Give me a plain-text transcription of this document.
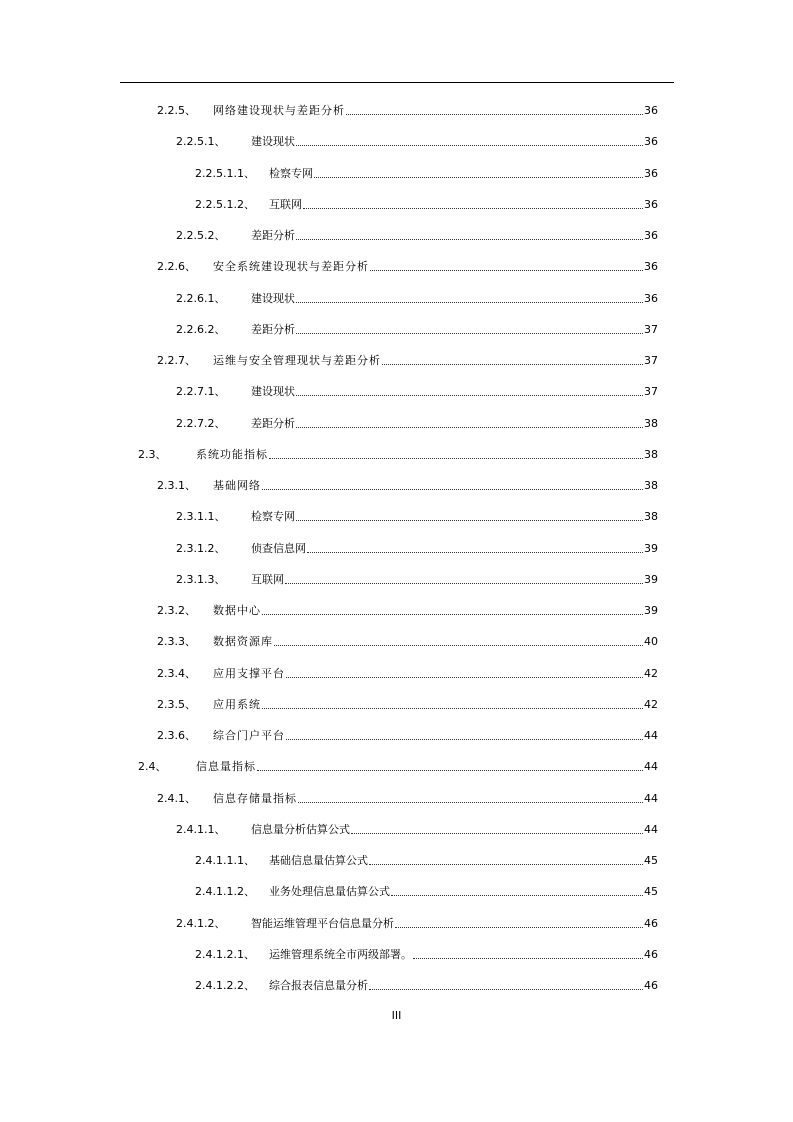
2.2.5、	网络建设现状与差距分析	36
2.2.5.1、	建设现状	36
2.2.5.1.1、	检察专网	36
2.2.5.1.2、	互联网	36
2.2.5.2、	差距分析	36
2.2.6、	安全系统建设现状与差距分析	36
2.2.6.1、	建设现状	36
2.2.6.2、	差距分析	37
2.2.7、	运维与安全管理现状与差距分析	37
2.2.7.1、	建设现状	37
2.2.7.2、	差距分析	38
2.3、	系统功能指标	38
2.3.1、	基础网络	38
2.3.1.1、	检察专网	38
2.3.1.2、	侦查信息网	39
2.3.1.3、	互联网	39
2.3.2、	数据中心	39
2.3.3、	数据资源库	40
2.3.4、	应用支撑平台	42
2.3.5、	应用系统	42
2.3.6、	综合门户平台	44
2.4、	信息量指标	44
2.4.1、	信息存储量指标	44
2.4.1.1、	信息量分析估算公式	44
2.4.1.1.1、	基础信息量估算公式	45
2.4.1.1.2、	业务处理信息量估算公式	45
2.4.1.2、	智能运维管理平台信息量分析	46
2.4.1.2.1、	运维管理系统全市两级部署。	46
2.4.1.2.2、	综合报表信息量分析	46
III
